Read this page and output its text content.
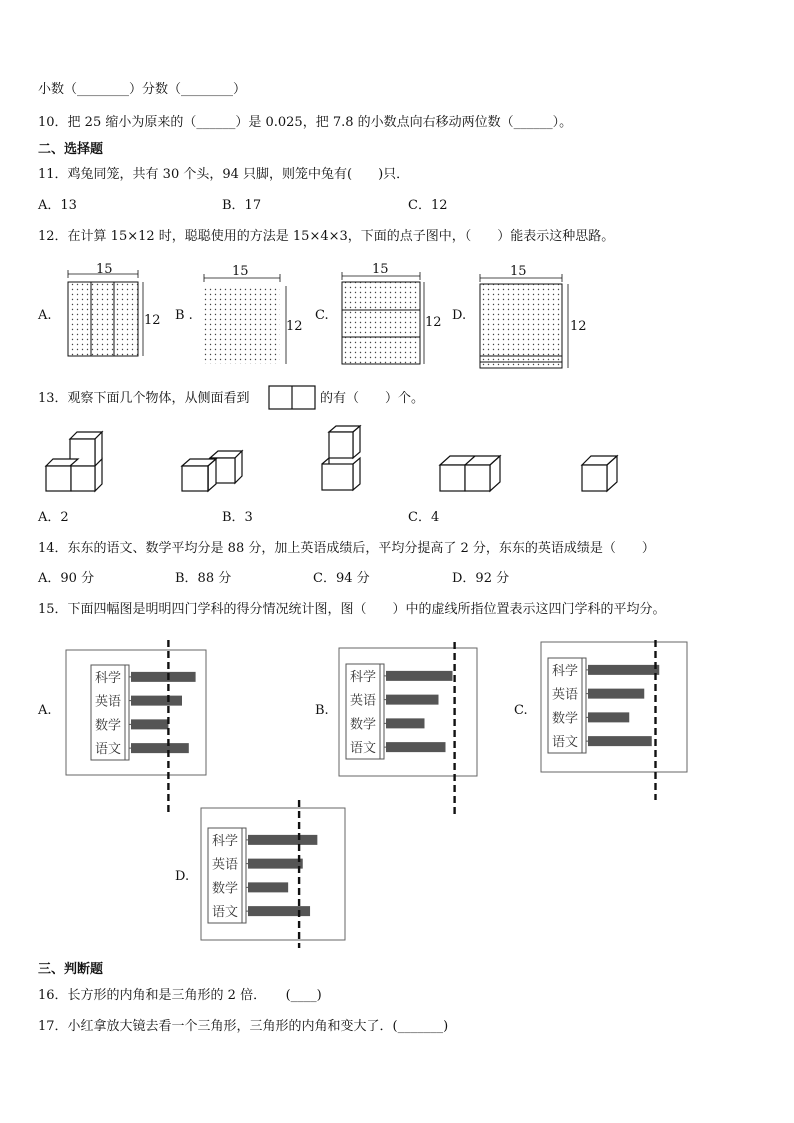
小数（________）分数（________）
10．把 25 缩小为原来的（______）是 0.025，把 7.8 的小数点向右移动两位数（______）。
二、选择题
11．鸡兔同笼，共有 30 个头，94 只脚，则笼中兔有(　　)只．
A．13	B．17	C．12
12．在计算 15×12 时，聪聪使用的方法是 15×4×3，下面的点子图中，（　　）能表示这种思路。
A.	B .	C.	D.
15
12
15
12
15
12
15
12
13．观察下面几个物体，从侧面看到	的有（　　）个。
A．2	B．3	C．4
14．东东的语文、数学平均分是 88 分，加上英语成绩后，平均分提高了 2 分，东东的英语成绩是（　　）
A．90 分	B．88 分	C．94 分	D．92 分
15．下面四幅图是明明四门学科的得分情况统计图，图（　　）中的虚线所指位置表示这四门学科的平均分。
A.	B.	C.
D.
科学
英语
数学
语文
科学
英语
数学
语文
科学
英语
数学
语文
科学
英语
数学
语文
三、判断题
16．长方形的内角和是三角形的 2 倍．　　(____)
17．小红拿放大镜去看一个三角形，三角形的内角和变大了．(_______)
